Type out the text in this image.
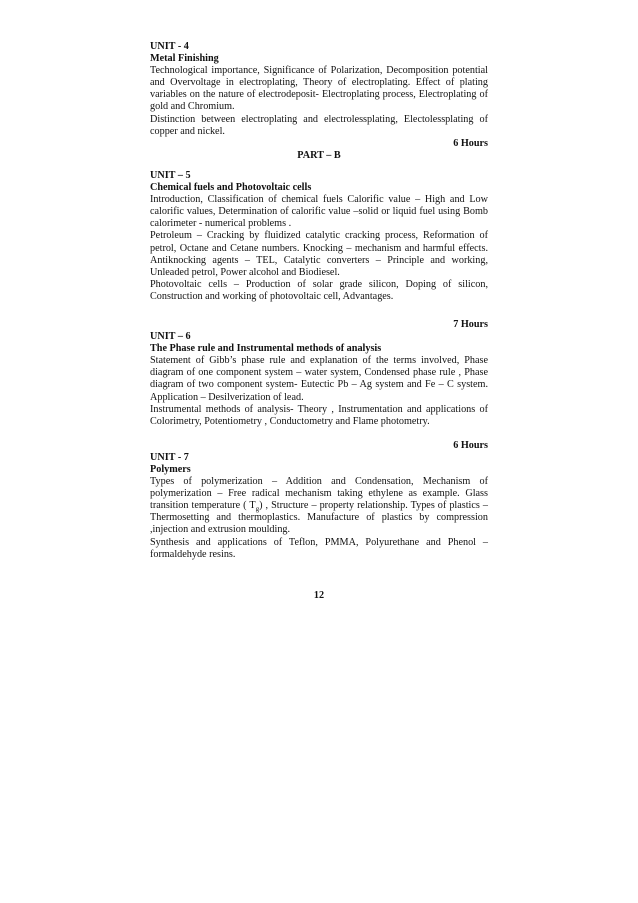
UNIT - 4

Metal Finishing

Technological importance, Significance of Polarization, Decomposition potential and Overvoltage in electroplating, Theory of electroplating. Effect of plating variables on the nature of electrodeposit- Electroplating process, Electroplating of gold and Chromium.

Distinction between electroplating and electrolessplating, Electolessplating of copper and nickel.

6 Hours

PART – B

UNIT – 5

Chemical fuels and Photovoltaic cells

Introduction, Classification of chemical fuels Calorific value – High and Low calorific values, Determination of calorific value –solid or liquid fuel using Bomb calorimeter - numerical problems .

Petroleum – Cracking by fluidized catalytic cracking process, Reformation of petrol, Octane and Cetane numbers. Knocking – mechanism and harmful effects. Antiknocking agents – TEL, Catalytic converters – Principle and working, Unleaded petrol, Power alcohol and Biodiesel.

Photovoltaic cells – Production of solar grade silicon, Doping of silicon, Construction and working of photovoltaic cell, Advantages.

7 Hours

UNIT – 6

The Phase rule and Instrumental methods of analysis

Statement of Gibb’s phase rule and explanation of the terms involved, Phase diagram of one component system – water system, Condensed phase rule , Phase diagram of two component system- Eutectic Pb – Ag system and Fe – C system. Application – Desilverization of lead.

Instrumental methods of analysis- Theory , Instrumentation and applications of Colorimetry, Potentiometry , Conductometry and Flame photometry.

6 Hours

UNIT - 7

Polymers

Types of polymerization – Addition and Condensation, Mechanism of polymerization – Free radical mechanism taking ethylene as example. Glass transition temperature ( $T_g$) , Structure – property relationship. Types of plastics – Thermosetting and thermoplastics. Manufacture of plastics by compression ,injection and extrusion moulding.

Synthesis and applications of Teflon, PMMA, Polyurethane and Phenol – formaldehyde resins.

12
